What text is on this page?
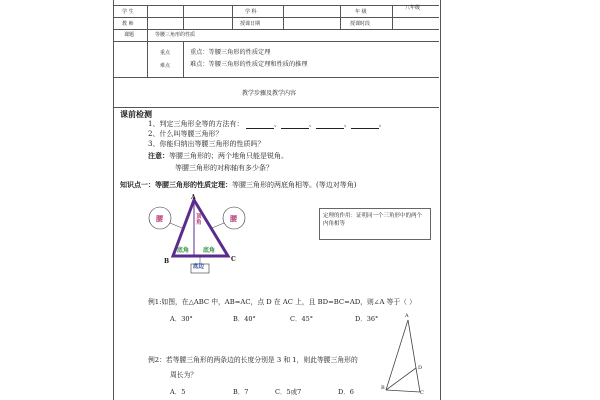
学 生	学 科	年 级
八年级
教 师	授课日期	授课时段
课题	等腰三角形的性质
重点
难点
重点：等腰三角形的性质定理
难点：等腰三角形的性质定理和性质的推理
教学步骤及教学内容
课前检测
1、判定三角形全等的方法有：	、	、	、	。
2、什么叫等腰三角形？
3、你能归纳出等腰三角形的性质吗？
注意：等腰三角形的；两个地角只能是锐角。
等腰三角形的对称轴有多少条？
知识点一：等腰三角形的性质定理：等腰三角形的两底角相等。(等边对等角)
A
B	C
腰	腰
顶角
底角 底角
底边
定理的作用：证明同一个三角形中的两个内角相等
例1:如图，在△ABC 中，AB=AC，点 D 在 AC 上，且 BD=BC=AD，则∠A 等于（ ）
A．30°	B．40°	C．45°	D．36°	A
B
C
D
例2：若等腰三角形的两条边的长度分别是 3 和 1，则此等腰三角形的
周长为？
A．5	B．7	C．5或7	D．6
